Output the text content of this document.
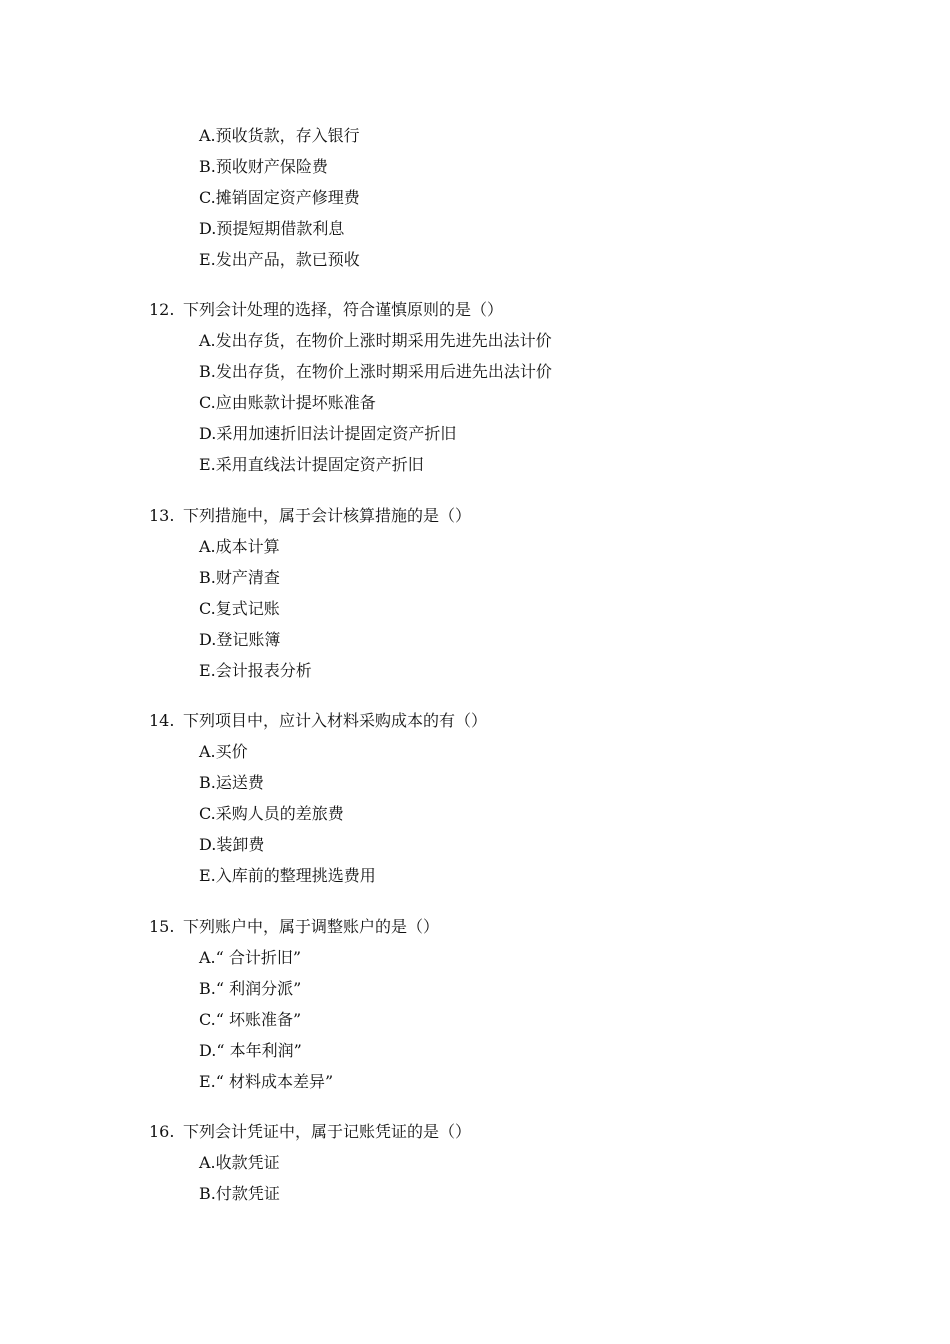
A.预收货款，存入银行
B.预收财产保险费
C.摊销固定资产修理费
D.预提短期借款利息
E.发出产品，款已预收
12. 下列会计处理的选择，符合谨慎原则的是（）
A.发出存货，在物价上涨时期采用先进先出法计价
B.发出存货，在物价上涨时期采用后进先出法计价
C.应由账款计提坏账准备
D.采用加速折旧法计提固定资产折旧
E.采用直线法计提固定资产折旧
13. 下列措施中，属于会计核算措施的是（）
A.成本计算
B.财产清查
C.复式记账
D.登记账簿
E.会计报表分析
14. 下列项目中，应计入材料采购成本的有（）
A.买价
B.运送费
C.采购人员的差旅费
D.装卸费
E.入库前的整理挑选费用
15. 下列账户中，属于调整账户的是（）
A.“ 合计折旧”
B.“ 利润分派”
C.“ 坏账准备”
D.“ 本年利润”
E.“ 材料成本差异”
16. 下列会计凭证中，属于记账凭证的是（）
A.收款凭证
B.付款凭证
